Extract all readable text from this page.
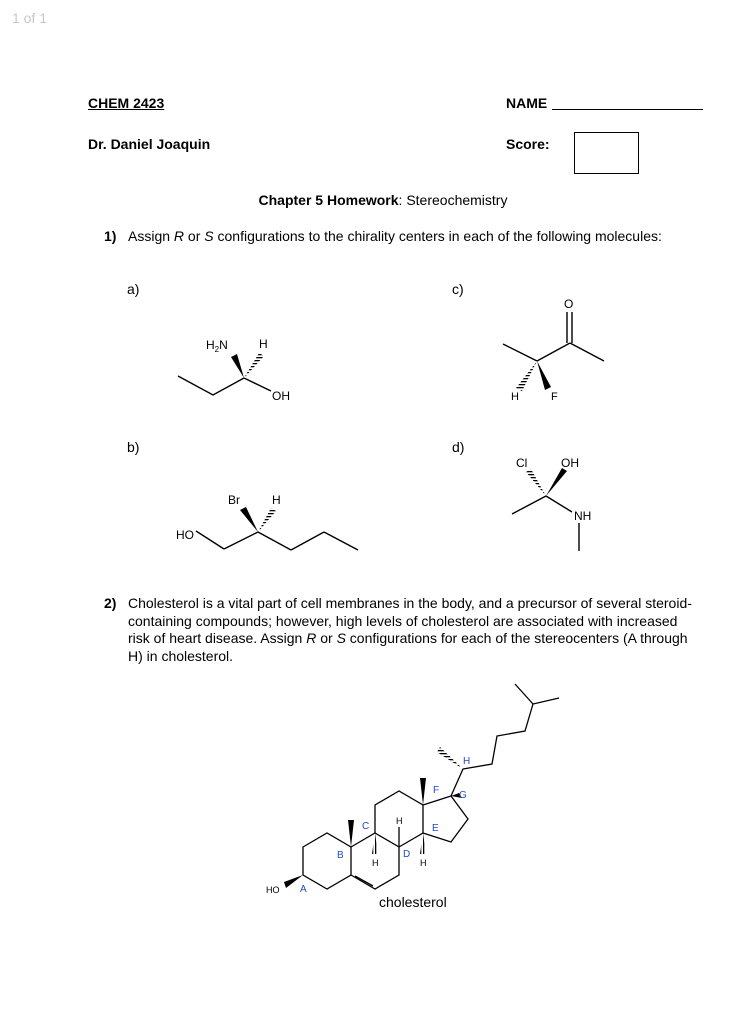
1 of 1
CHEM 2423	NAME
Dr. Daniel Joaquin	Score:
Chapter 5 Homework: Stereochemistry
1) Assign R or S configurations to the chirality centers in each of the following molecules:
a)	c)
b)	d)
2) Cholesterol is a vital part of cell membranes in the body, and a precursor of several steroid-containing compounds; however, high levels of cholesterol are associated with increased risk of heart disease. Assign R or S configurations for each of the stereocenters (A through H) in cholesterol.
$H_2N$	H
OH
O
H	F
Br	H
HO
Cl	OH
NH
HO
H
H
H
A
B
C
D
E
F G
H
cholesterol
